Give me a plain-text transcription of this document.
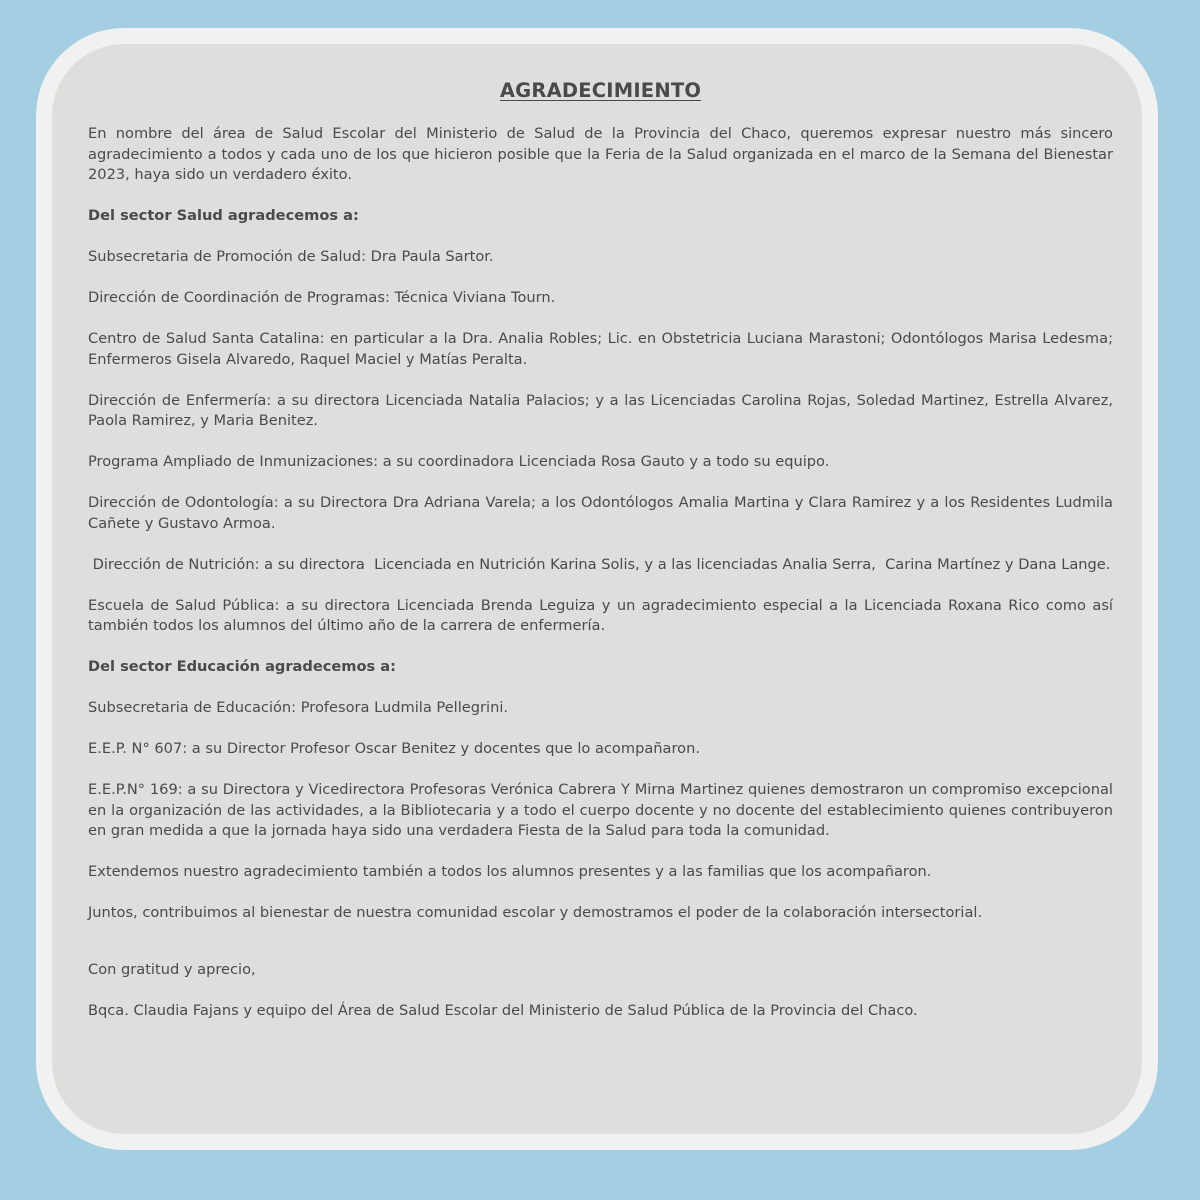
AGRADECIMIENTO

En nombre del área de Salud Escolar del Ministerio de Salud de la Provincia del Chaco, queremos expresar nuestro más sincero agradecimiento a todos y cada uno de los que hicieron posible que la Feria de la Salud organizada en el marco de la Semana del Bienestar 2023, haya sido un verdadero éxito.

Del sector Salud agradecemos a:

Subsecretaria de Promoción de Salud: Dra Paula Sartor.

Dirección de Coordinación de Programas: Técnica Viviana Tourn.

Centro de Salud Santa Catalina: en particular a la Dra. Analia Robles; Lic. en Obstetricia Luciana Marastoni; Odontólogos Marisa Ledesma; Enfermeros Gisela Alvaredo, Raquel Maciel y Matías Peralta.

Dirección de Enfermería: a su directora Licenciada Natalia Palacios; y a las Licenciadas Carolina Rojas, Soledad Martinez, Estrella Alvarez, Paola Ramirez, y Maria Benitez.

Programa Ampliado de Inmunizaciones: a su coordinadora Licenciada Rosa Gauto y a todo su equipo.

Dirección de Odontología: a su Directora Dra Adriana Varela; a los Odontólogos Amalia Martina y Clara Ramirez y a los Residentes Ludmila Cañete y Gustavo Armoa.

Dirección de Nutrición: a su directora  Licenciada en Nutrición Karina Solis, y a las licenciadas Analia Serra,  Carina Martínez y Dana Lange.

Escuela de Salud Pública: a su directora Licenciada Brenda Leguiza y un agradecimiento especial a la Licenciada Roxana Rico como así también todos los alumnos del último año de la carrera de enfermería.

Del sector Educación agradecemos a:

Subsecretaria de Educación: Profesora Ludmila Pellegrini.

E.E.P. N° 607: a su Director Profesor Oscar Benitez y docentes que lo acompañaron.

E.E.P.N° 169: a su Directora y Vicedirectora Profesoras Verónica Cabrera Y Mirna Martinez quienes demostraron un compromiso excepcional en la organización de las actividades, a la Bibliotecaria y a todo el cuerpo docente y no docente del establecimiento quienes contribuyeron en gran medida a que la jornada haya sido una verdadera Fiesta de la Salud para toda la comunidad.

Extendemos nuestro agradecimiento también a todos los alumnos presentes y a las familias que los acompañaron.

Juntos, contribuimos al bienestar de nuestra comunidad escolar y demostramos el poder de la colaboración intersectorial.

Con gratitud y aprecio,

Bqca. Claudia Fajans y equipo del Área de Salud Escolar del Ministerio de Salud Pública de la Provincia del Chaco.
